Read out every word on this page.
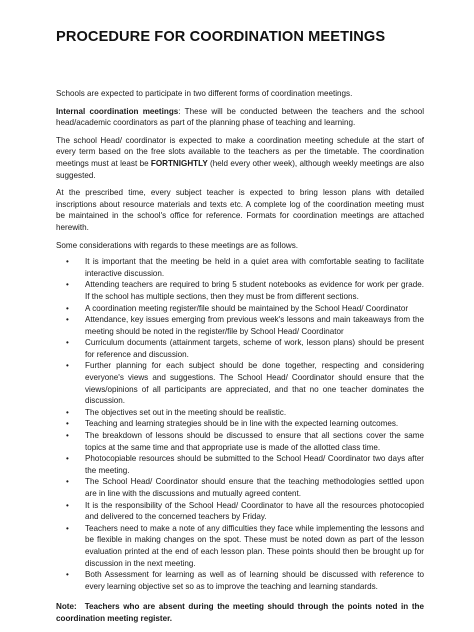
PROCEDURE FOR COORDINATION MEETINGS

Schools are expected to participate in two different forms of coordination meetings.

Internal coordination meetings: These will be conducted between the teachers and the school head/academic coordinators as part of the planning phase of teaching and learning.

The school Head/ coordinator is expected to make a coordination meeting schedule at the start of every term based on the free slots available to the teachers as per the timetable. The coordination meetings must at least be FORTNIGHTLY (held every other week), although weekly meetings are also suggested.

At the prescribed time, every subject teacher is expected to bring lesson plans with detailed inscriptions about resource materials and texts etc. A complete log of the coordination meeting must be maintained in the school's office for reference. Formats for coordination meetings are attached herewith.

Some considerations with regards to these meetings are as follows.

• It is important that the meeting be held in a quiet area with comfortable seating to facilitate interactive discussion.
• Attending teachers are required to bring 5 student notebooks as evidence for work per grade. If the school has multiple sections, then they must be from different sections.
• A coordination meeting register/file should be maintained by the School Head/ Coordinator
• Attendance, key issues emerging from previous week's lessons and main takeaways from the meeting should be noted in the register/file by School Head/ Coordinator
• Curriculum documents (attainment targets, scheme of work, lesson plans) should be present for reference and discussion.
• Further planning for each subject should be done together, respecting and considering everyone's views and suggestions. The School Head/ Coordinator should ensure that the views/opinions of all participants are appreciated, and that no one teacher dominates the discussion.
• The objectives set out in the meeting should be realistic.
• Teaching and learning strategies should be in line with the expected learning outcomes.
• The breakdown of lessons should be discussed to ensure that all sections cover the same topics at the same time and that appropriate use is made of the allotted class time.
• Photocopiable resources should be submitted to the School Head/ Coordinator two days after the meeting.
• The School Head/ Coordinator should ensure that the teaching methodologies settled upon are in line with the discussions and mutually agreed content.
• It is the responsibility of the School Head/ Coordinator to have all the resources photocopied and delivered to the concerned teachers by Friday.
• Teachers need to make a note of any difficulties they face while implementing the lessons and be flexible in making changes on the spot. These must be noted down as part of the lesson evaluation printed at the end of each lesson plan. These points should then be brought up for discussion in the next meeting.
• Both Assessment for learning as well as of learning should be discussed with reference to every learning objective set so as to improve the teaching and learning standards.

Note: Teachers who are absent during the meeting should through the points noted in the coordination meeting register.
